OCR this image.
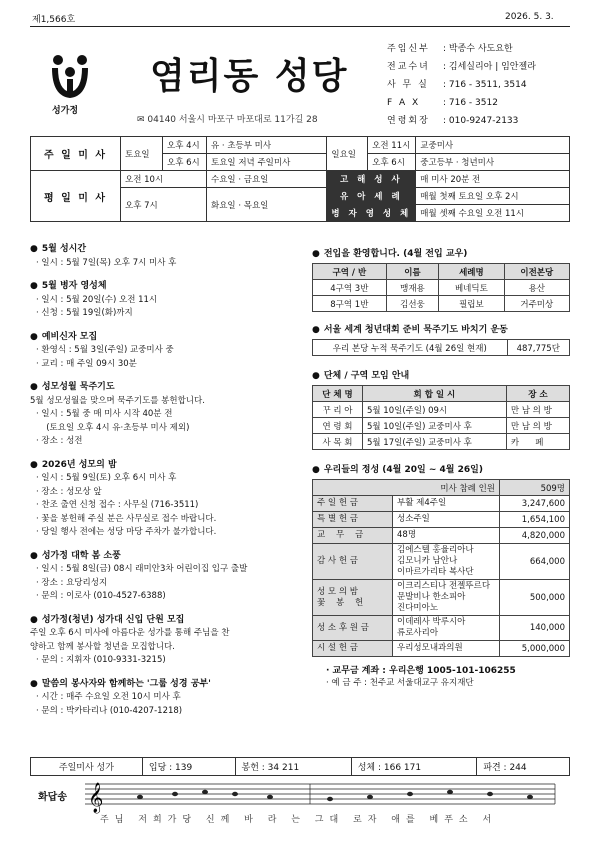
제1,566호	2026. 5. 3.
성가정
염리동 성당
✉ 04140 서울시 마포구 마포대로 11가길 28
주임신부 : 박종수 사도요한
전교수녀 : 김세실리아 | 임안젤라
사 무 실 : 716 - 3511, 3514
F A X	: 716 - 3512
연령회장 : 010-9247-2133
주 일 미 사	토요일	오후 4시	유 · 초등부 미사	일요일	오전 11시	교중미사
		오후 6시	토요일 저녁 주일미사		오후 6시	중고등부 · 청년미사
평 일 미 사	오전 10시		수요일 · 금요일	고 해 성 사		매 미사 20분 전
	오후 7시		화요일 · 목요일	유 아 세 례		매월 첫째 토요일 오후 2시
				병 자 영 성 체		매월 셋째 수요일 오전 11시
● 5월 성시간
· 일시 : 5월 7일(목) 오후 7시 미사 후
● 5월 병자 영성체
· 일시 : 5월 20일(수) 오전 11시
· 신청 : 5월 19일(화)까지
● 예비신자 모집
· 환영식 : 5월 3일(주일) 교중미사 중
· 교리 : 매 주일 09시 30분
● 성모성월 묵주기도
5월 성모성월을 맞으며 묵주기도를 봉헌합니다.
· 일시 : 5월 중 매 미사 시작 40분 전
(토요일 오후 4시 유·초등부 미사 제외)
· 장소 : 성전
● 2026년 성모의 밤
· 일시 : 5월 9일(토) 오후 6시 미사 후
· 장소 : 성모상 앞
· 찬조 출연 신청 접수 : 사무실 (716-3511)
· 꽃을 봉헌해 주실 분은 사무실로 접수 바랍니다.
· 당일 행사 전에는 성당 마당 주차가 불가합니다.
● 성가정 대학 봄 소풍
· 일시 : 5월 8일(금) 08시 래미안3차 어린이집 입구 출발
· 장소 : 요당리성지
· 문의 : 이로사 (010-4527-6388)
● 성가정(청년) 성가대 신입 단원 모집
주일 오후 6시 미사에 아름다운 성가를 통해 주님을 찬
양하고 함께 봉사할 청년을 모집합니다.
· 문의 : 지휘자 (010-9331-3215)
● 말씀의 봉사자와 함께하는 '그룹 성경 공부'
· 시간 : 매주 수요일 오전 10시 미사 후
· 문의 : 박카타리나 (010-4207-1218)
● 전입을 환영합니다. (4월 전입 교우)
구역 / 반	이름	세례명	이전본당
4구역 3반	맹재용	베네딕토	용산
8구역 1반	김선웅	필립보	거주미상
● 서울 세계 청년대회 준비 묵주기도 바치기 운동
우리 본당 누적 묵주기도 (4월 26일 현재)	487,775단
● 단체 / 구역 모임 안내
단 체 명	회 합 일 시	장 소
꾸 리 아	5월 10일(주일) 09시	만 남 의 방
연 령 회	5월 10일(주일) 교중미사 후	만 남 의 방
사 목 회	5월 17일(주일) 교중미사 후	카      페
● 우리들의 정성 (4월 20일 ~ 4월 26일)
미사 참례 인원		509명
주 일 헌 금	부활 제4주일	3,247,600
특 별 헌 금	성소주일	1,654,100
교    무    금	48명	4,820,000
감 사 헌 금	김에스텔 홍율리아나
김모니카 남안나
이마르가리타 복사단	664,000
성 모 의 밤
꽃    봉    헌	이크리스티나 전젤뚜르다
문발비나 한소피아
진다미아노	500,000
성 소 후 원 금	이데레사 박루시아
류로사리아	140,000
시 설 헌 금	우리성모내과의원	5,000,000
· 교무금 계좌 : 우리은행 1005-101-106255
· 예 금 주 : 천주교 서울대교구 유지재단
주일미사 성가	입당 : 139	봉헌 : 34 211	성체 : 166 171	파견 : 244
𝄞
화답송
주님 저희가당 신께 바 라 는 그대 로자 애를 베푸소 서
